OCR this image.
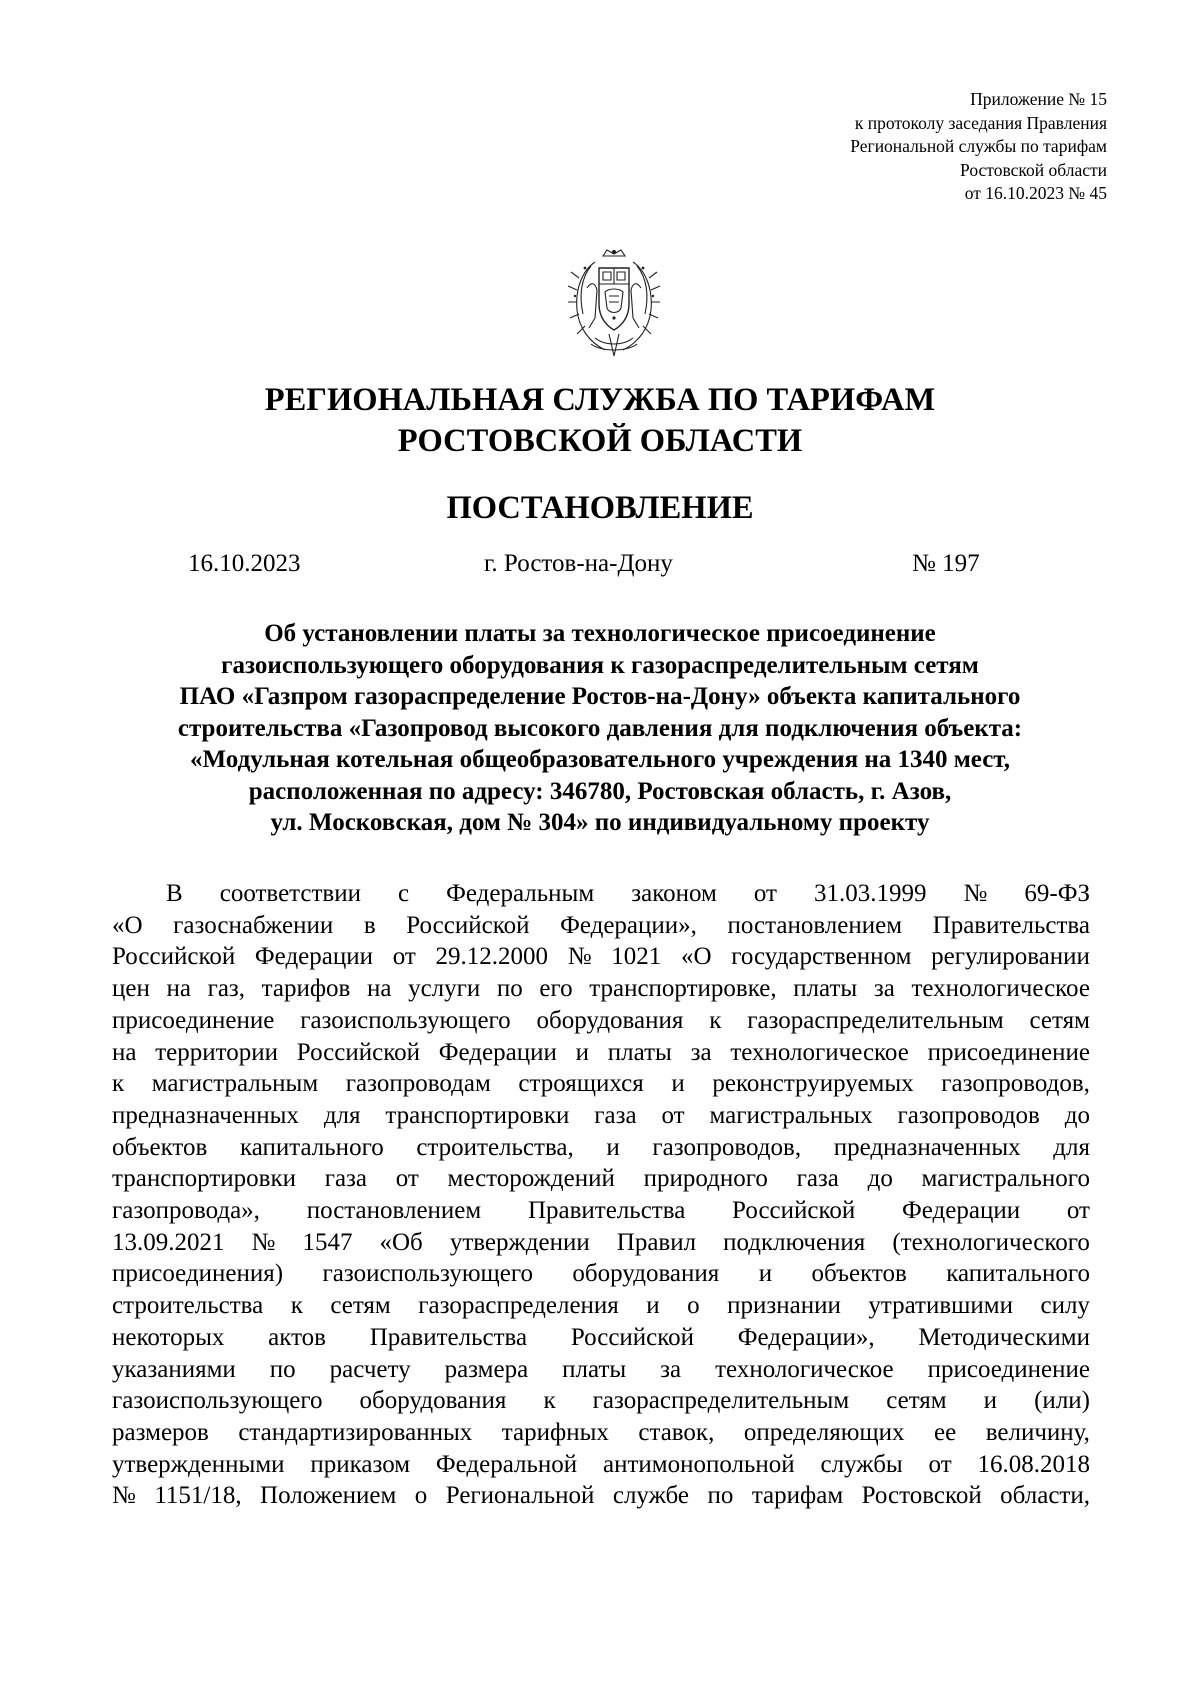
Приложение № 15
к протоколу заседания Правления
Региональной службы по тарифам
Ростовской области
от 16.10.2023 № 45
РЕГИОНАЛЬНАЯ СЛУЖБА ПО ТАРИФАМ
РОСТОВСКОЙ ОБЛАСТИ
ПОСТАНОВЛЕНИЕ
16.10.2023	г. Ростов-на-Дону	№ 197
Об установлении платы за технологическое присоединение
газоиспользующего оборудования к газораспределительным сетям
ПАО «Газпром газораспределение Ростов-на-Дону» объекта капитального
строительства «Газопровод высокого давления для подключения объекта:
«Модульная котельная общеобразовательного учреждения на 1340 мест,
расположенная по адресу: 346780, Ростовская область, г. Азов,
ул. Московская, дом № 304» по индивидуальному проекту
В соответствии с Федеральным законом от 31.03.1999 № 69-ФЗ
«О газоснабжении в Российской Федерации», постановлением Правительства
Российской Федерации от 29.12.2000 № 1021 «О государственном регулировании
цен на газ, тарифов на услуги по его транспортировке, платы за технологическое
присоединение газоиспользующего оборудования к газораспределительным сетям
на территории Российской Федерации и платы за технологическое присоединение
к магистральным газопроводам строящихся и реконструируемых газопроводов,
предназначенных для транспортировки газа от магистральных газопроводов до
объектов капитального строительства, и газопроводов, предназначенных для
транспортировки газа от месторождений природного газа до магистрального
газопровода», постановлением Правительства Российской Федерации от
13.09.2021 № 1547 «Об утверждении Правил подключения (технологического
присоединения) газоиспользующего оборудования и объектов капитального
строительства к сетям газораспределения и о признании утратившими силу
некоторых актов Правительства Российской Федерации», Методическими
указаниями по расчету размера платы за технологическое присоединение
газоиспользующего оборудования к газораспределительным сетям и (или)
размеров стандартизированных тарифных ставок, определяющих ее величину,
утвержденными приказом Федеральной антимонопольной службы от 16.08.2018
№ 1151/18, Положением о Региональной службе по тарифам Ростовской области,
